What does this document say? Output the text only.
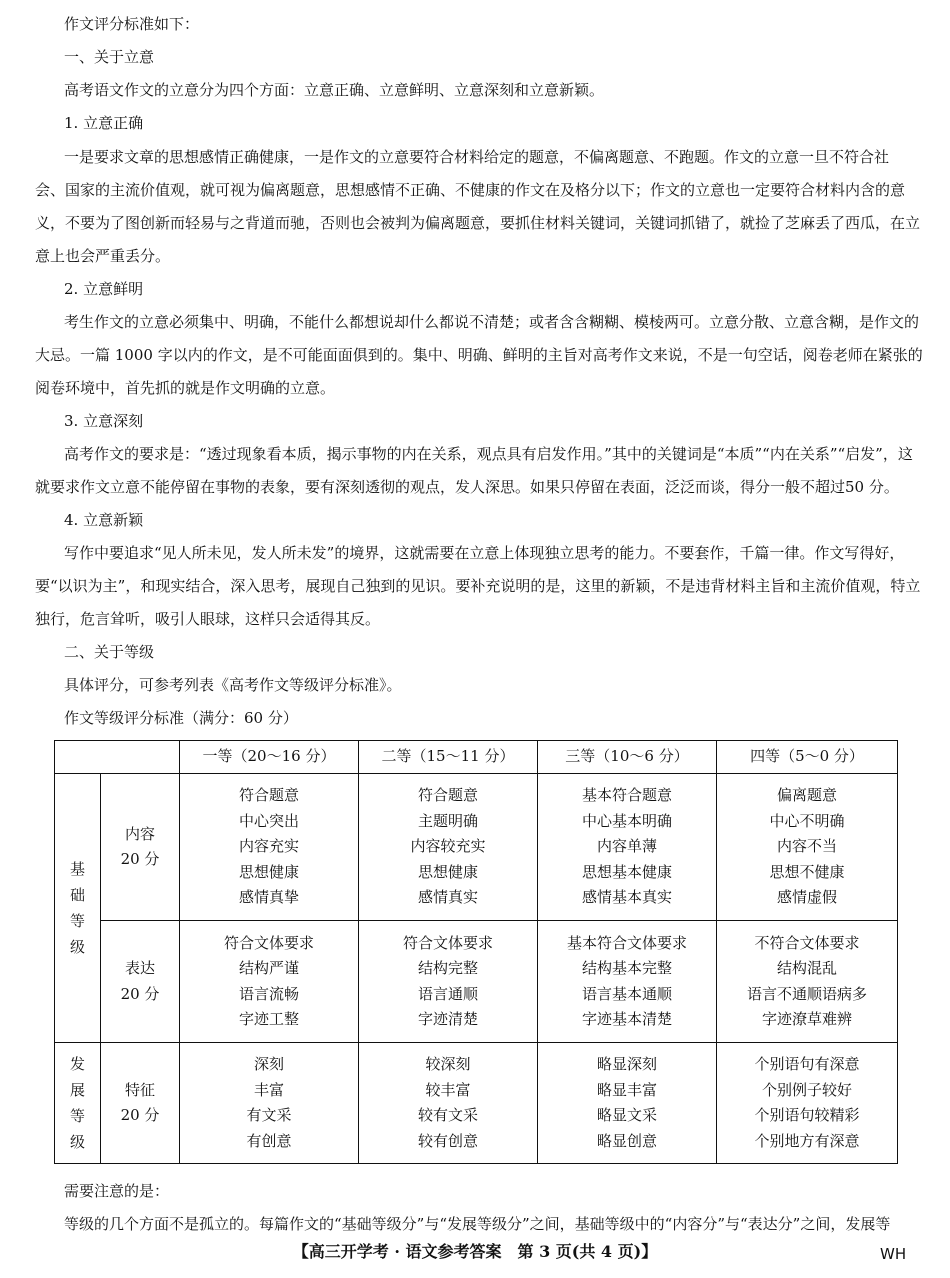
作文评分标准如下：
一、关于立意
高考语文作文的立意分为四个方面：立意正确、立意鲜明、立意深刻和立意新颖。
1. 立意正确
一是要求文章的思想感情正确健康，一是作文的立意要符合材料给定的题意，不偏离题意、不跑题。作文的立意一旦不符合社
会、国家的主流价值观，就可视为偏离题意，思想感情不正确、不健康的作文在及格分以下；作文的立意也一定要符合材料内含的意
义，不要为了图创新而轻易与之背道而驰，否则也会被判为偏离题意，要抓住材料关键词，关键词抓错了，就捡了芝麻丢了西瓜，在立
意上也会严重丢分。
2. 立意鲜明
考生作文的立意必须集中、明确，不能什么都想说却什么都说不清楚；或者含含糊糊、模棱两可。立意分散、立意含糊，是作文的
大忌。一篇 1000 字以内的作文，是不可能面面俱到的。集中、明确、鲜明的主旨对高考作文来说，不是一句空话，阅卷老师在紧张的
阅卷环境中，首先抓的就是作文明确的立意。
3. 立意深刻
高考作文的要求是：“透过现象看本质，揭示事物的内在关系，观点具有启发作用。”其中的关键词是“本质”“内在关系”“启发”，这
就要求作文立意不能停留在事物的表象，要有深刻透彻的观点，发人深思。如果只停留在表面，泛泛而谈，得分一般不超过50 分。
4. 立意新颖
写作中要追求“见人所未见，发人所未发”的境界，这就需要在立意上体现独立思考的能力。不要套作，千篇一律。作文写得好，
要“以识为主”，和现实结合，深入思考，展现自己独到的见识。要补充说明的是，这里的新颖，不是违背材料主旨和主流价值观，特立
独行，危言耸听，吸引人眼球，这样只会适得其反。
二、关于等级
具体评分，可参考列表《高考作文等级评分标准》。
作文等级评分标准（满分：60 分）
		一等（20～16 分）	二等（15～11 分）	三等（10～6 分）	四等（5～0 分）

基
础
等
级	内容
20 分	符合题意
中心突出
内容充实
思想健康
感情真挚	符合题意
主题明确
内容较充实
思想健康
感情真实	基本符合题意
中心基本明确
内容单薄
思想基本健康
感情基本真实	偏离题意
中心不明确
内容不当
思想不健康
感情虚假

	表达
20 分	符合文体要求
结构严谨
语言流畅
字迹工整	符合文体要求
结构完整
语言通顺
字迹清楚	基本符合文体要求
结构基本完整
语言基本通顺
字迹基本清楚	不符合文体要求
结构混乱
语言不通顺语病多
字迹潦草难辨

发
展
等
级	特征
20 分	深刻
丰富
有文采
有创意	较深刻
较丰富
较有文采
较有创意	略显深刻
略显丰富
略显文采
略显创意	个别语句有深意
个别例子较好
个别语句较精彩
个别地方有深意
需要注意的是：
等级的几个方面不是孤立的。每篇作文的“基础等级分”与“发展等级分”之间，基础等级中的“内容分”与“表达分”之间，发展等
【高三开学考 · 语文参考答案　第 3 页(共 4 页)】	WH
